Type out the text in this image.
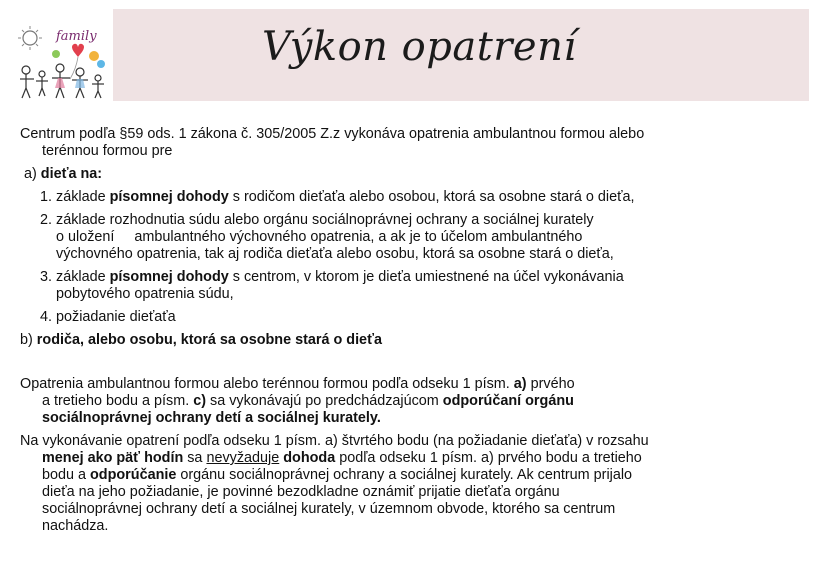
family	Výkon opatrení
Centrum podľa §59 ods. 1 zákona č. 305/2005 Z.z vykonáva opatrenia ambulantnou formou alebo
terénnou formou pre
a) dieťa na:
1. základe písomnej dohody s rodičom dieťaťa alebo osobou, ktorá sa osobne stará o dieťa,
2. základe rozhodnutia súdu alebo orgánu sociálnoprávnej ochrany a sociálnej kurately
o uložení     ambulantného výchovného opatrenia, a ak je to účelom ambulantného
výchovného opatrenia, tak aj rodiča dieťaťa alebo osobu, ktorá sa osobne stará o dieťa,
3. základe písomnej dohody s centrom, v ktorom je dieťa umiestnené na účel vykonávania
pobytového opatrenia súdu,
4. požiadanie dieťaťa
b) rodiča, alebo osobu, ktorá sa osobne stará o dieťa
Opatrenia ambulantnou formou alebo terénnou formou podľa odseku 1 písm. a) prvého
a tretieho bodu a písm. c) sa vykonávajú po predchádzajúcom odporúčaní orgánu
sociálnoprávnej ochrany detí a sociálnej kurately.
Na vykonávanie opatrení podľa odseku 1 písm. a) štvrtého bodu (na požiadanie dieťaťa) v rozsahu
menej ako päť hodín sa nevyžaduje dohoda podľa odseku 1 písm. a) prvého bodu a tretieho
bodu a odporúčanie orgánu sociálnoprávnej ochrany a sociálnej kurately. Ak centrum prijalo
dieťa na jeho požiadanie, je povinné bezodkladne oznámiť prijatie dieťaťa orgánu
sociálnoprávnej ochrany detí a sociálnej kurately, v územnom obvode, ktorého sa centrum
nachádza.
